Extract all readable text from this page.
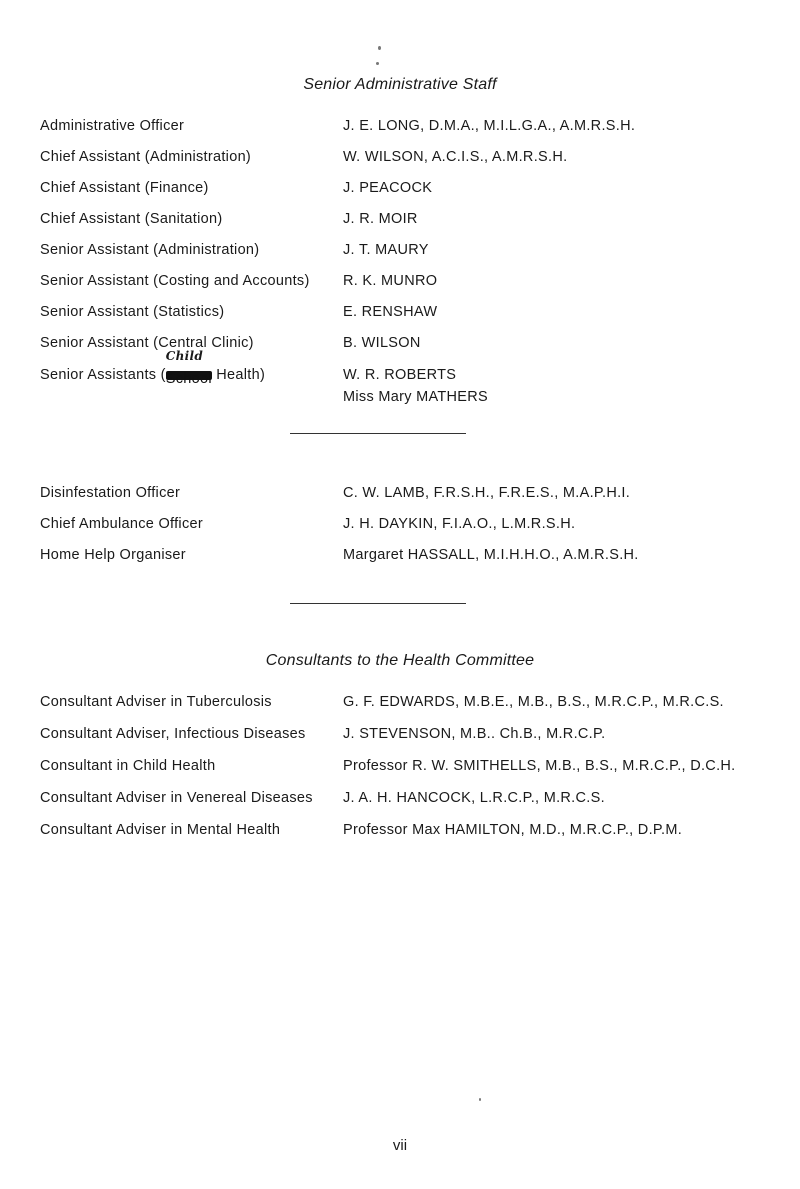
Senior Administrative Staff
Administrative Officer	J. E. LONG, D.M.A., M.I.L.G.A., A.M.R.S.H.
Chief Assistant (Administration)	W. WILSON, A.C.I.S., A.M.R.S.H.
Chief Assistant (Finance)	J. PEACOCK
Chief Assistant (Sanitation)	J. R. MOIR
Senior Assistant (Administration)	J. T. MAURY
Senior Assistant (Costing and Accounts) R. K. MUNRO
Senior Assistant (Statistics)	E. RENSHAW
Senior Assistant (Central Clinic)	B. WILSON
Senior Assistants (
Child
School Health)	W. R. ROBERTS
Miss Mary MATHERS
Disinfestation Officer	C. W. LAMB, F.R.S.H., F.R.E.S., M.A.P.H.I.
Chief Ambulance Officer	J. H. DAYKIN, F.I.A.O., L.M.R.S.H.
Home Help Organiser	Margaret HASSALL, M.I.H.H.O., A.M.R.S.H.
Consultants to the Health Committee
Consultant Adviser in Tuberculosis	G. F. EDWARDS, M.B.E., M.B., B.S., M.R.C.P., M.R.C.S.
Consultant Adviser, Infectious Diseases	J. STEVENSON, M.B.. Ch.B., M.R.C.P.
Consultant in Child Health	Professor R. W. SMITHELLS, M.B., B.S., M.R.C.P., D.C.H.
Consultant Adviser in Venereal Diseases J. A. H. HANCOCK, L.R.C.P., M.R.C.S.
Consultant Adviser in Mental Health	Professor Max HAMILTON, M.D., M.R.C.P., D.P.M.
vii
